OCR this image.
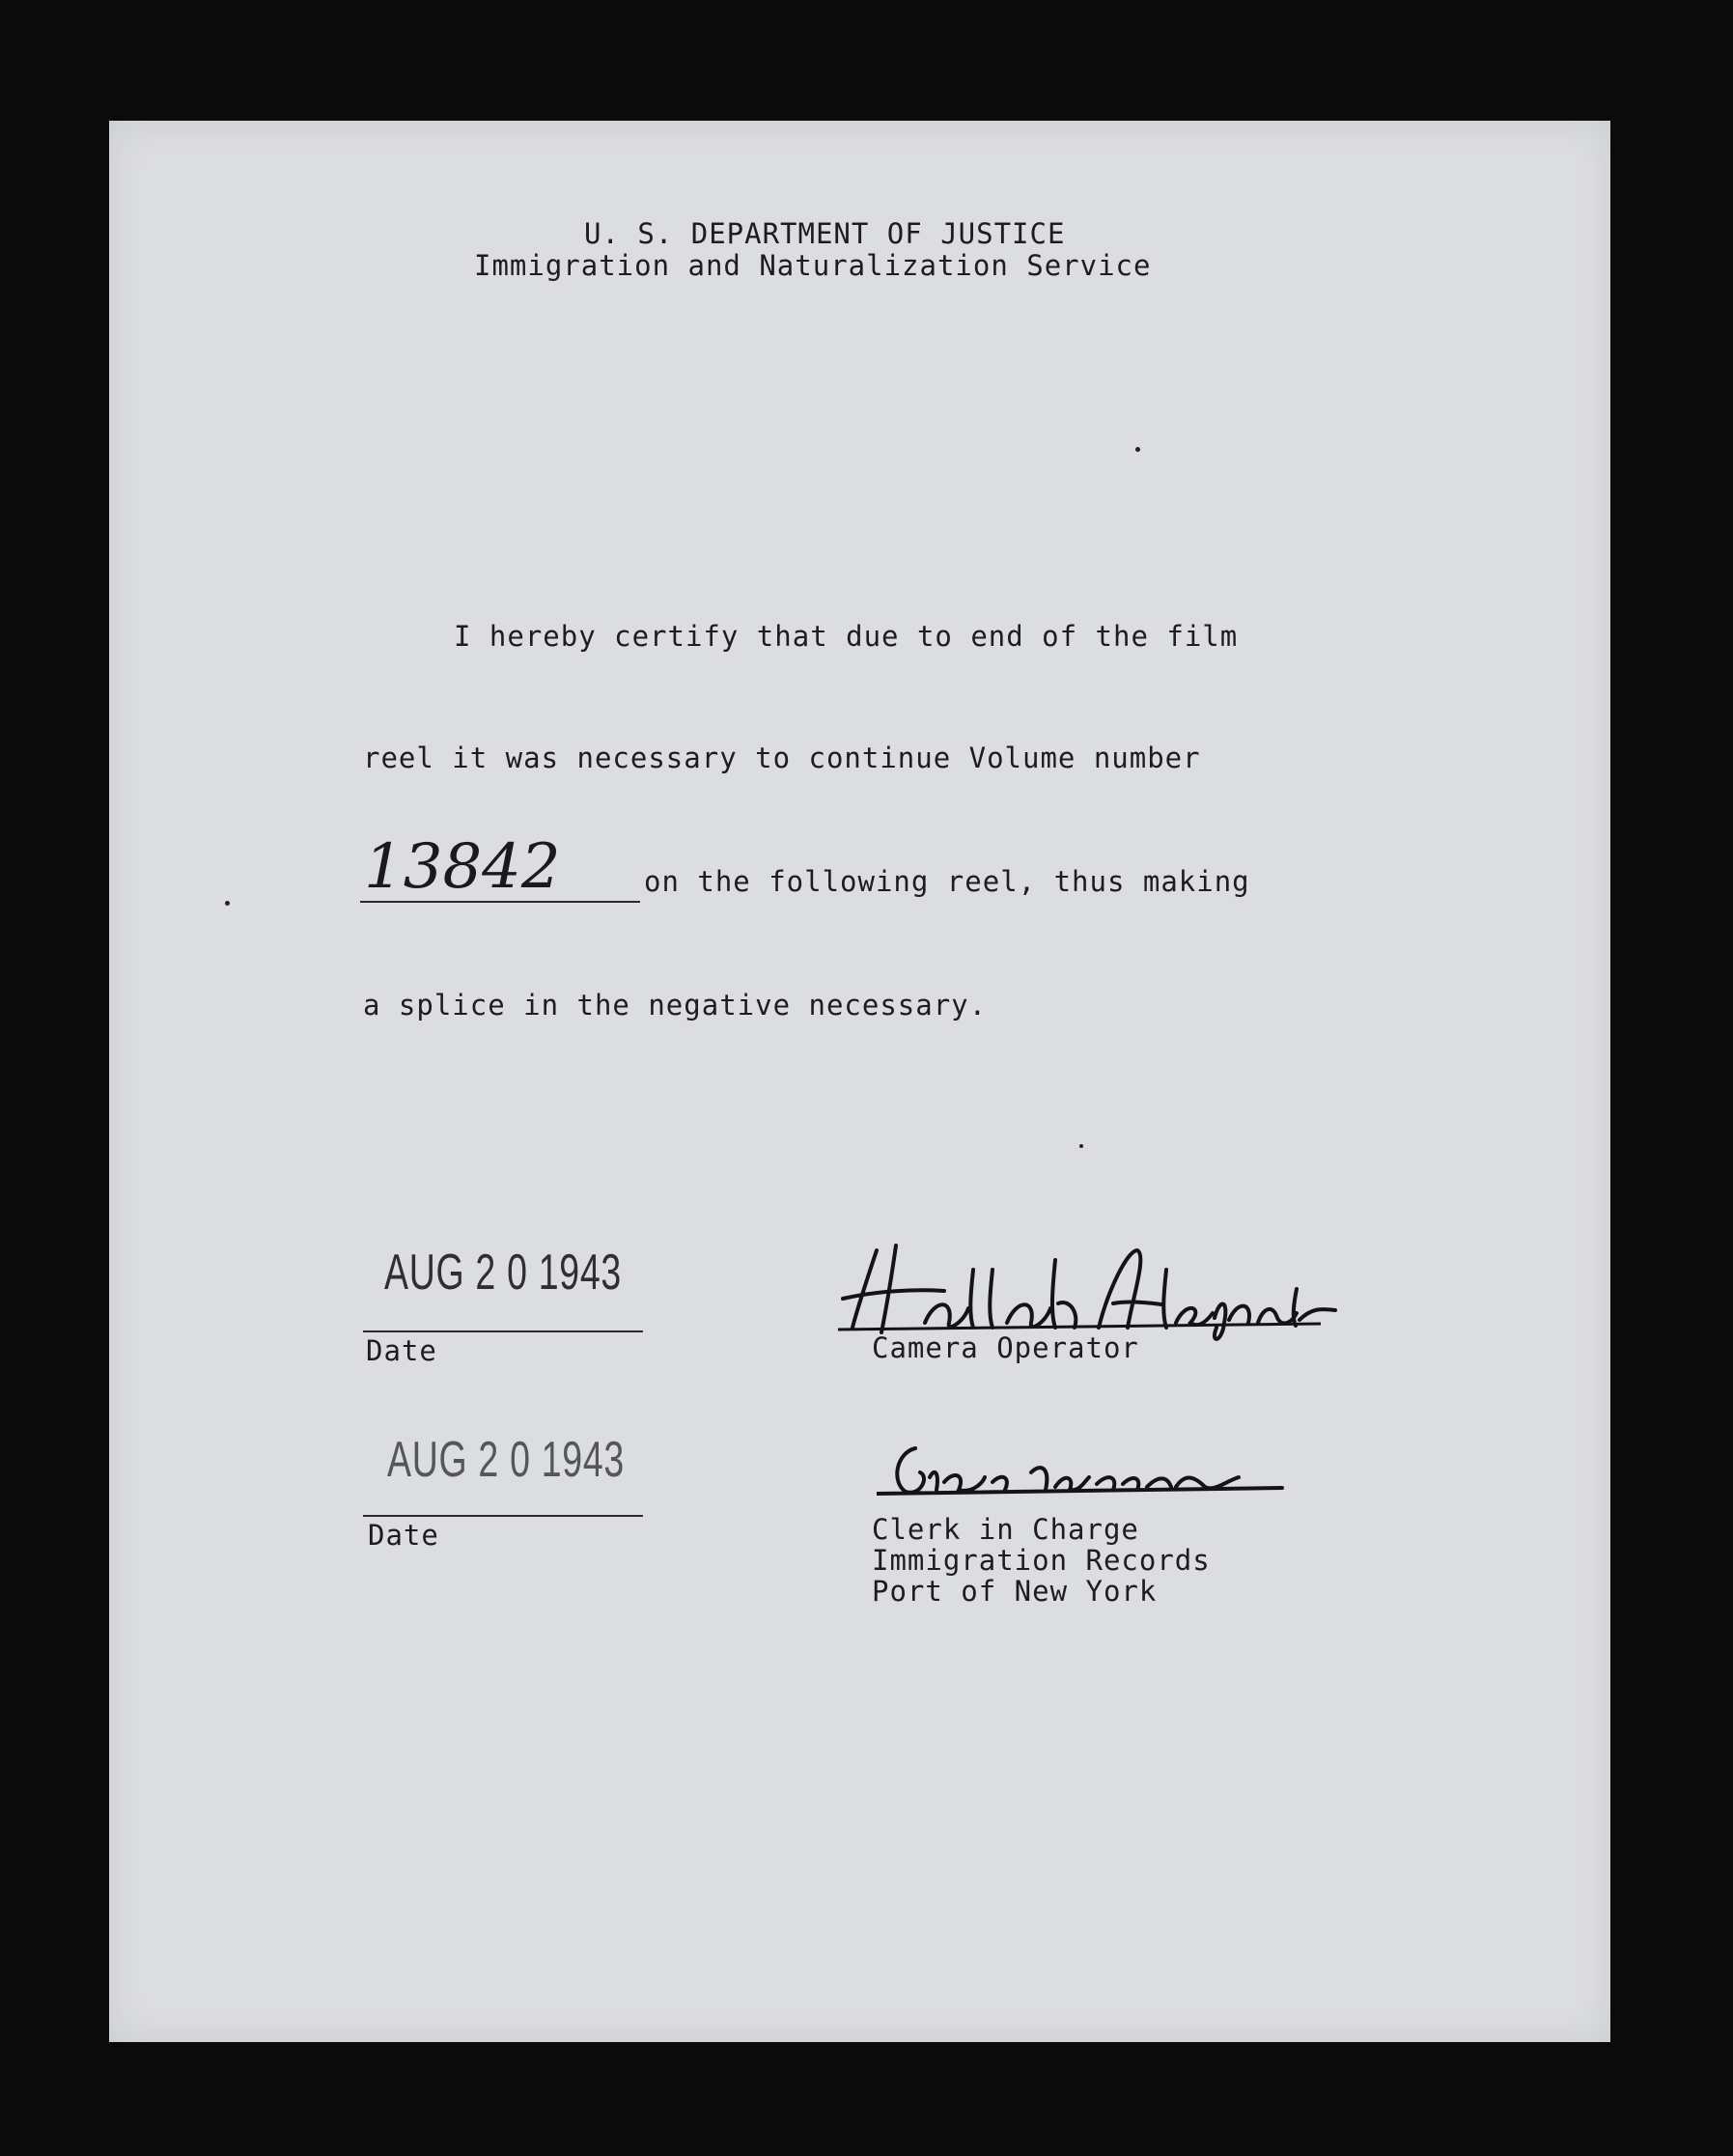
U. S. DEPARTMENT OF JUSTICE
Immigration and Naturalization Service
I hereby certify that due to end of the film
reel it was necessary to continue Volume number
13842	on the following reel, thus making
a splice in the negative necessary.
AUG 2 0 1943
Date	Camera Operator
AUG 2 0 1943
Date	Clerk in Charge
Immigration Records
Port of New York
